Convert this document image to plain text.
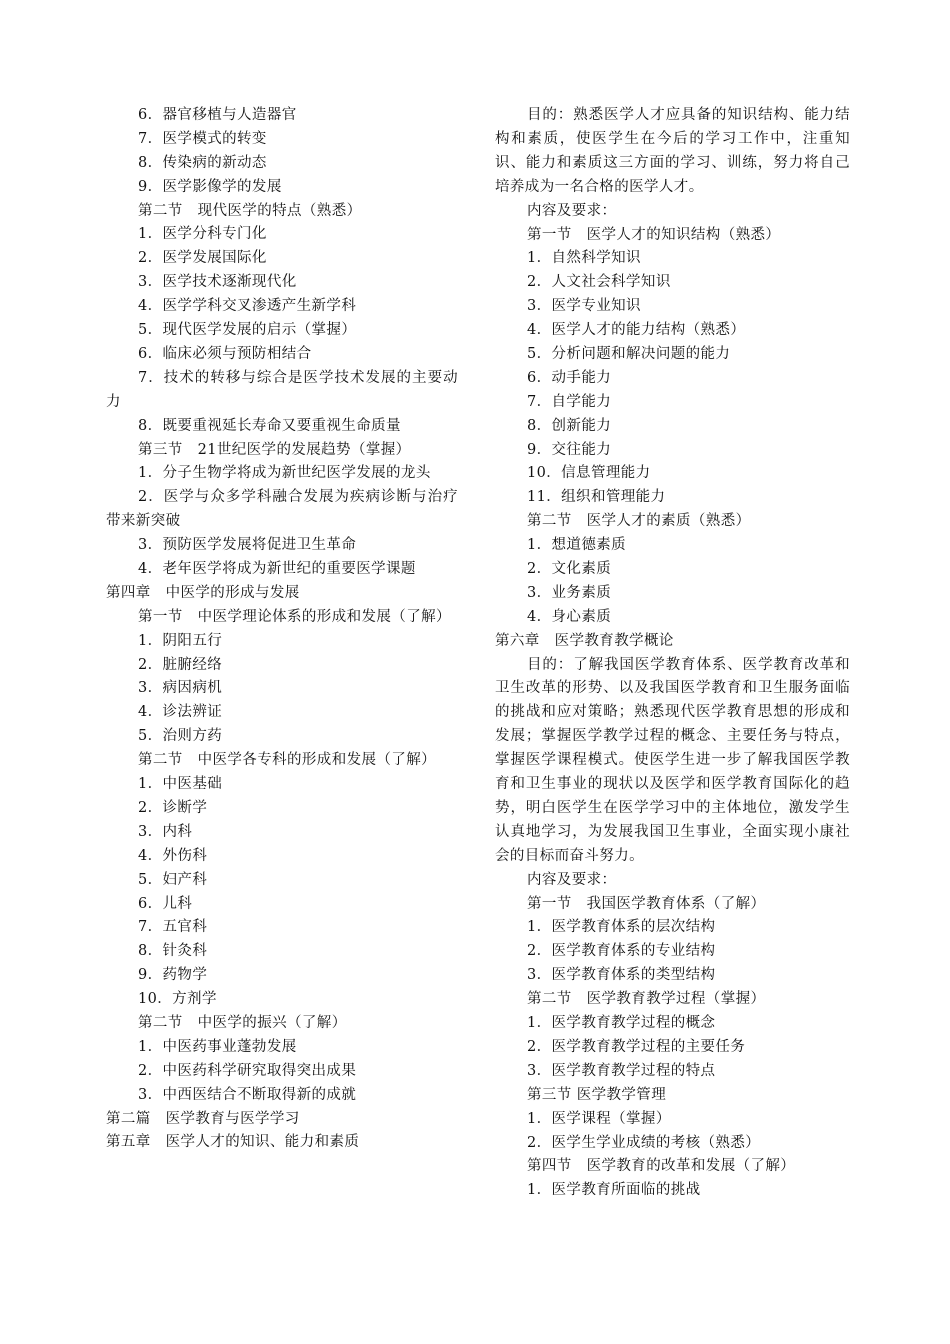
6．器官移植与人造器官
7．医学模式的转变
8．传染病的新动态
9．医学影像学的发展
第二节　现代医学的特点（熟悉）
1．医学分科专门化
2．医学发展国际化
3．医学技术逐渐现代化
4．医学学科交叉渗透产生新学科
5．现代医学发展的启示（掌握）
6．临床必须与预防相结合
7．技术的转移与综合是医学技术发展的主要动力
8．既要重视延长寿命又要重视生命质量
第三节　21世纪医学的发展趋势（掌握）
1．分子生物学将成为新世纪医学发展的龙头
2．医学与众多学科融合发展为疾病诊断与治疗带来新突破
3．预防医学发展将促进卫生革命
4．老年医学将成为新世纪的重要医学课题
第四章　中医学的形成与发展
第一节　中医学理论体系的形成和发展（了解）
1．阴阳五行
2．脏腑经络
3．病因病机
4．诊法辨证
5．治则方药
第二节　中医学各专科的形成和发展（了解）
1．中医基础
2．诊断学
3．内科
4．外伤科
5．妇产科
6．儿科
7．五官科
8．针灸科
9．药物学
10．方剂学
第二节　中医学的振兴（了解）
1．中医药事业蓬勃发展
2．中医药科学研究取得突出成果
3．中西医结合不断取得新的成就
第二篇　医学教育与医学学习
第五章　医学人才的知识、能力和素质
目的：熟悉医学人才应具备的知识结构、能力结构和素质，使医学生在今后的学习工作中，注重知识、能力和素质这三方面的学习、训练，努力将自己培养成为一名合格的医学人才。
内容及要求：
第一节　医学人才的知识结构（熟悉）
1．自然科学知识
2．人文社会科学知识
3．医学专业知识
4．医学人才的能力结构（熟悉）
5．分析问题和解决问题的能力
6．动手能力
7．自学能力
8．创新能力
9．交往能力
10．信息管理能力
11．组织和管理能力
第二节　医学人才的素质（熟悉）
1．想道德素质
2．文化素质
3．业务素质
4．身心素质
第六章　医学教育教学概论
目的：了解我国医学教育体系、医学教育改革和卫生改革的形势、以及我国医学教育和卫生服务面临的挑战和应对策略；熟悉现代医学教育思想的形成和发展；掌握医学教学过程的概念、主要任务与特点，掌握医学课程模式。使医学生进一步了解我国医学教育和卫生事业的现状以及医学和医学教育国际化的趋势，明白医学生在医学学习中的主体地位，激发学生认真地学习，为发展我国卫生事业，全面实现小康社会的目标而奋斗努力。
内容及要求：
第一节　我国医学教育体系（了解）
1．医学教育体系的层次结构
2．医学教育体系的专业结构
3．医学教育体系的类型结构
第二节　医学教育教学过程（掌握）
1．医学教育教学过程的概念
2．医学教育教学过程的主要任务
3．医学教育教学过程的特点
第三节 医学教学管理
1．医学课程（掌握）
2．医学生学业成绩的考核（熟悉）
第四节　医学教育的改革和发展（了解）
1．医学教育所面临的挑战
